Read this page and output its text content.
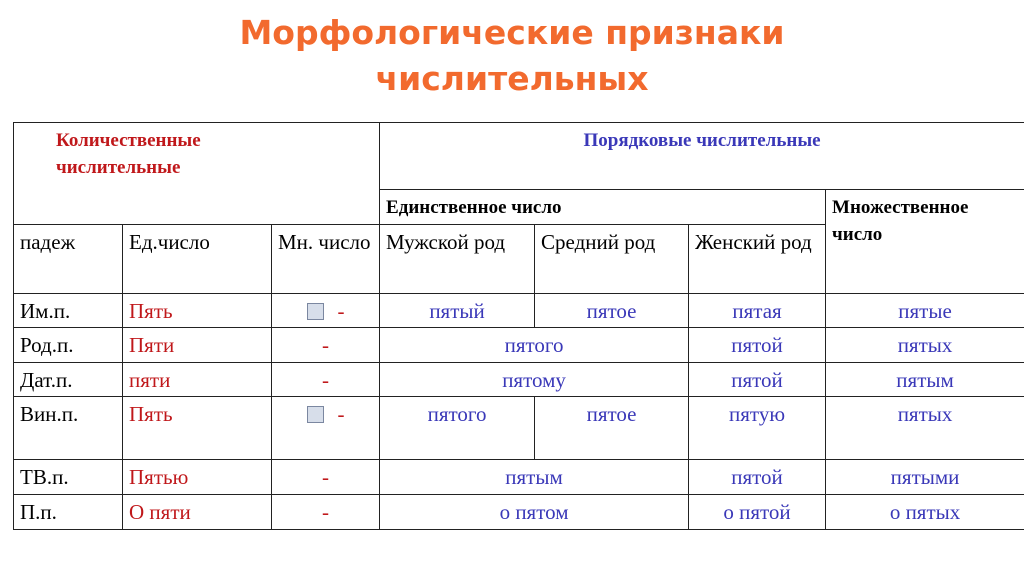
Морфологические признаки
числительных
Количественные числительные			Порядковые числительные			

			Единственное число			Множественное число

падеж	Ед.число	Мн. число	Мужской род	Средний род	Женский род	

Им.п.	Пять	-	пятый	пятое	пятая	пятые
Род.п.	Пяти	-	пятого		пятой	пятых
Дат.п.	пяти	-	пятому		пятой	пятым
Вин.п.	Пять	-	пятого	пятое	пятую	пятых
ТВ.п.	Пятью	-	пятым		пятой	пятыми
П.п.	О пяти	-	о пятом		о пятой	о пятых
